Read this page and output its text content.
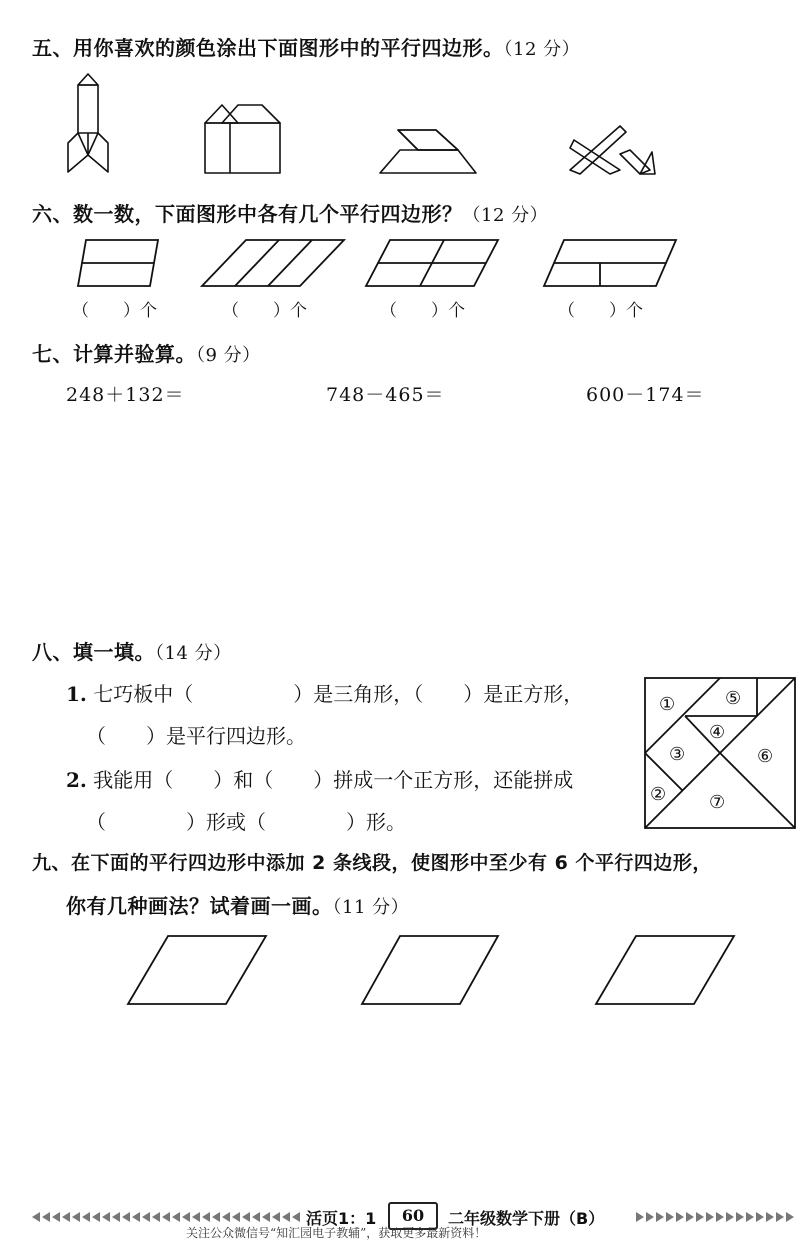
五、用你喜欢的颜色涂出下面图形中的平行四边形。（12 分）
六、数一数，下面图形中各有几个平行四边形？（12 分）
（　　）个	（　　）个	（　　）个	（　　）个
七、计算并验算。（9 分）
248＋132＝	748－465＝	600－174＝
八、填一填。（14 分）
1. 七巧板中（　　　　　）是三角形，（　　）是正方形，
（　　）是平行四边形。
2. 我能用（　　）和（　　）拼成一个正方形，还能拼成
（　　　　）形或（　　　　）形。
①	⑤
④
③	⑥
② ⑦
九、在下面的平行四边形中添加 2 条线段，使图形中至少有 6 个平行四边形，
你有几种画法？试着画一画。（11 分）
活页1：1	60	二年级数学下册（B）
关注公众微信号“知汇园电子教辅”，获取更多最新资料！
